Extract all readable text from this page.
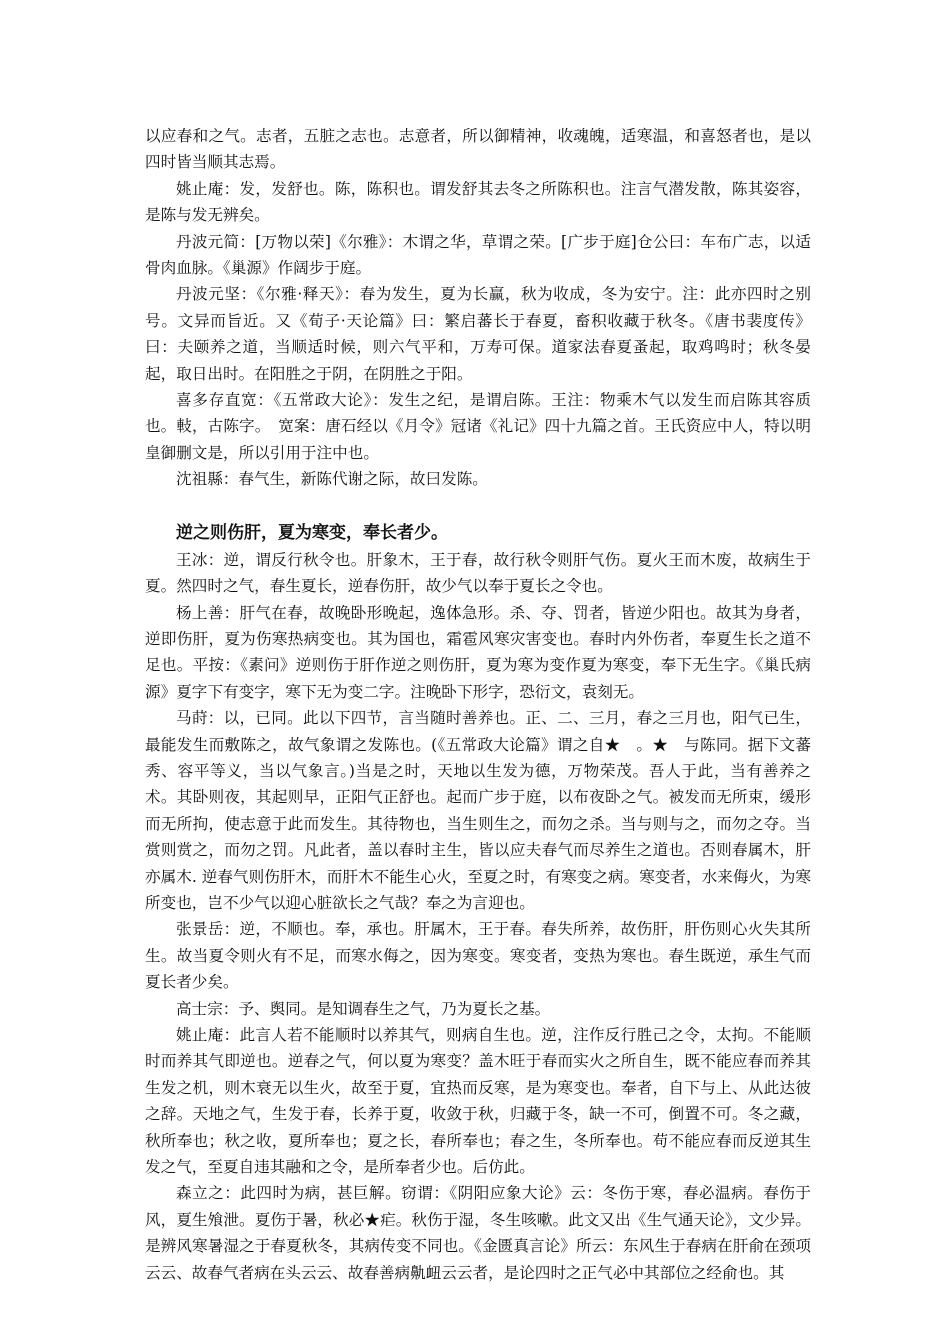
以应春和之气。志者，五脏之志也。志意者，所以御精神，收魂魄，适寒温，和喜怒者也，是以四时皆当顺其志焉。

姚止庵：发，发舒也。陈，陈积也。谓发舒其去冬之所陈积也。注言气潜发散，陈其姿容，是陈与发无辨矣。

丹波元简：[万物以荣]《尔雅》：木谓之华，草谓之荣。[广步于庭]仓公曰：车布广志，以适骨肉血脉。《巢源》作阔步于庭。

丹波元坚：《尔雅·释天》：春为发生，夏为长赢，秋为收成，冬为安宁。注：此亦四时之别号。文异而旨近。又《荀子·天论篇》曰：繁启蕃长于春夏，畜积收藏于秋冬。《唐书裴度传》曰：夫颐养之道，当顺适时候，则六气平和，万寿可保。道家法春夏蚤起，取鸡鸣时；秋冬晏起，取日出时。在阳胜之于阴，在阴胜之于阳。

喜多存直宽：《五常政大论》：发生之纪，是谓启陈。王注：物乘木气以发生而启陈其容质也。軙，古陈字。　宽案：唐石经以《月令》冠诸《礼记》四十九篇之首。王氏资应中人，特以明皇御删文是，所以引用于注中也。

沈祖縣：春气生，新陈代谢之际，故曰发陈。

逆之则伤肝，夏为寒变，奉长者少。

王冰：逆，谓反行秋令也。肝象木，王于春，故行秋令则肝气伤。夏火王而木废，故病生于夏。然四时之气，春生夏长，逆春伤肝，故少气以奉于夏长之令也。

杨上善：肝气在春，故晚卧形晚起，逸体急形。杀、夺、罚者，皆逆少阳也。故其为身者，逆即伤肝，夏为伤寒热病变也。其为国也，霜雹风寒灾害变也。春时内外伤者，奉夏生长之道不足也。平按：《素问》逆则伤于肝作逆之则伤肝，夏为寒为变作夏为寒变，奉下无生字。《巢氏病源》夏字下有变字，寒下无为变二字。注晚卧下形字，恐衍文，袁刻无。

马莳：以，已同。此以下四节，言当随时善养也。正、二、三月，春之三月也，阳气已生，最能发生而敷陈之，故气象谓之发陈也。(《五常政大论篇》谓之自★　。★　与陈同。据下文蕃秀、容平等义，当以气象言。)当是之时，天地以生发为德，万物荣茂。吾人于此，当有善养之术。其卧则夜，其起则早，正阳气正舒也。起而广步于庭，以布夜卧之气。被发而无所束，缓形而无所拘，使志意于此而发生。其待物也，当生则生之，而勿之杀。当与则与之，而勿之夺。当赏则赏之，而勿之罚。凡此者，盖以春时主生，皆以应夫春气而尽养生之道也。否则春属木，肝亦属木. 逆春气则伤肝木，而肝木不能生心火，至夏之时，有寒变之病。寒变者，水来侮火，为寒所变也，岂不少气以迎心脏欲长之气哉？奉之为言迎也。

张景岳：逆，不顺也。奉，承也。肝属木，王于春。春失所养，故伤肝，肝伤则心火失其所生。故当夏令则火有不足，而寒水侮之，因为寒变。寒变者，变热为寒也。春生既逆，承生气而夏长者少矣。

高士宗：予、舆同。是知调春生之气，乃为夏长之基。

姚止庵：此言人若不能顺时以养其气，则病自生也。逆，注作反行胜己之令，太拘。不能顺时而养其气即逆也。逆春之气，何以夏为寒变？盖木旺于春而实火之所自生，既不能应春而养其生发之机，则木衰无以生火，故至于夏，宜热而反寒，是为寒变也。奉者，自下与上、从此达彼之辞。天地之气，生发于春，长养于夏，收敛于秋，归藏于冬，缺一不可，倒置不可。冬之藏，秋所奉也；秋之收，夏所奉也；夏之长，春所奉也；春之生，冬所奉也。苟不能应春而反逆其生发之气，至夏自违其融和之令，是所奉者少也。后仿此。

森立之：此四时为病，甚巨解。窃谓：《阴阳应象大论》云：冬伤于寒，春必温病。春伤于风，夏生飧泄。夏伤于暑，秋必★疟。秋伤于湿，冬生咳嗽。此文又出《生气通天论》，文少异。是辨风寒暑湿之于春夏秋冬，其病传变不同也。《金匮真言论》所云：东风生于春病在肝俞在颈项云云、故春气者病在头云云、故春善病鼽衄云云者，是论四时之正气必中其部位之经俞也。其
